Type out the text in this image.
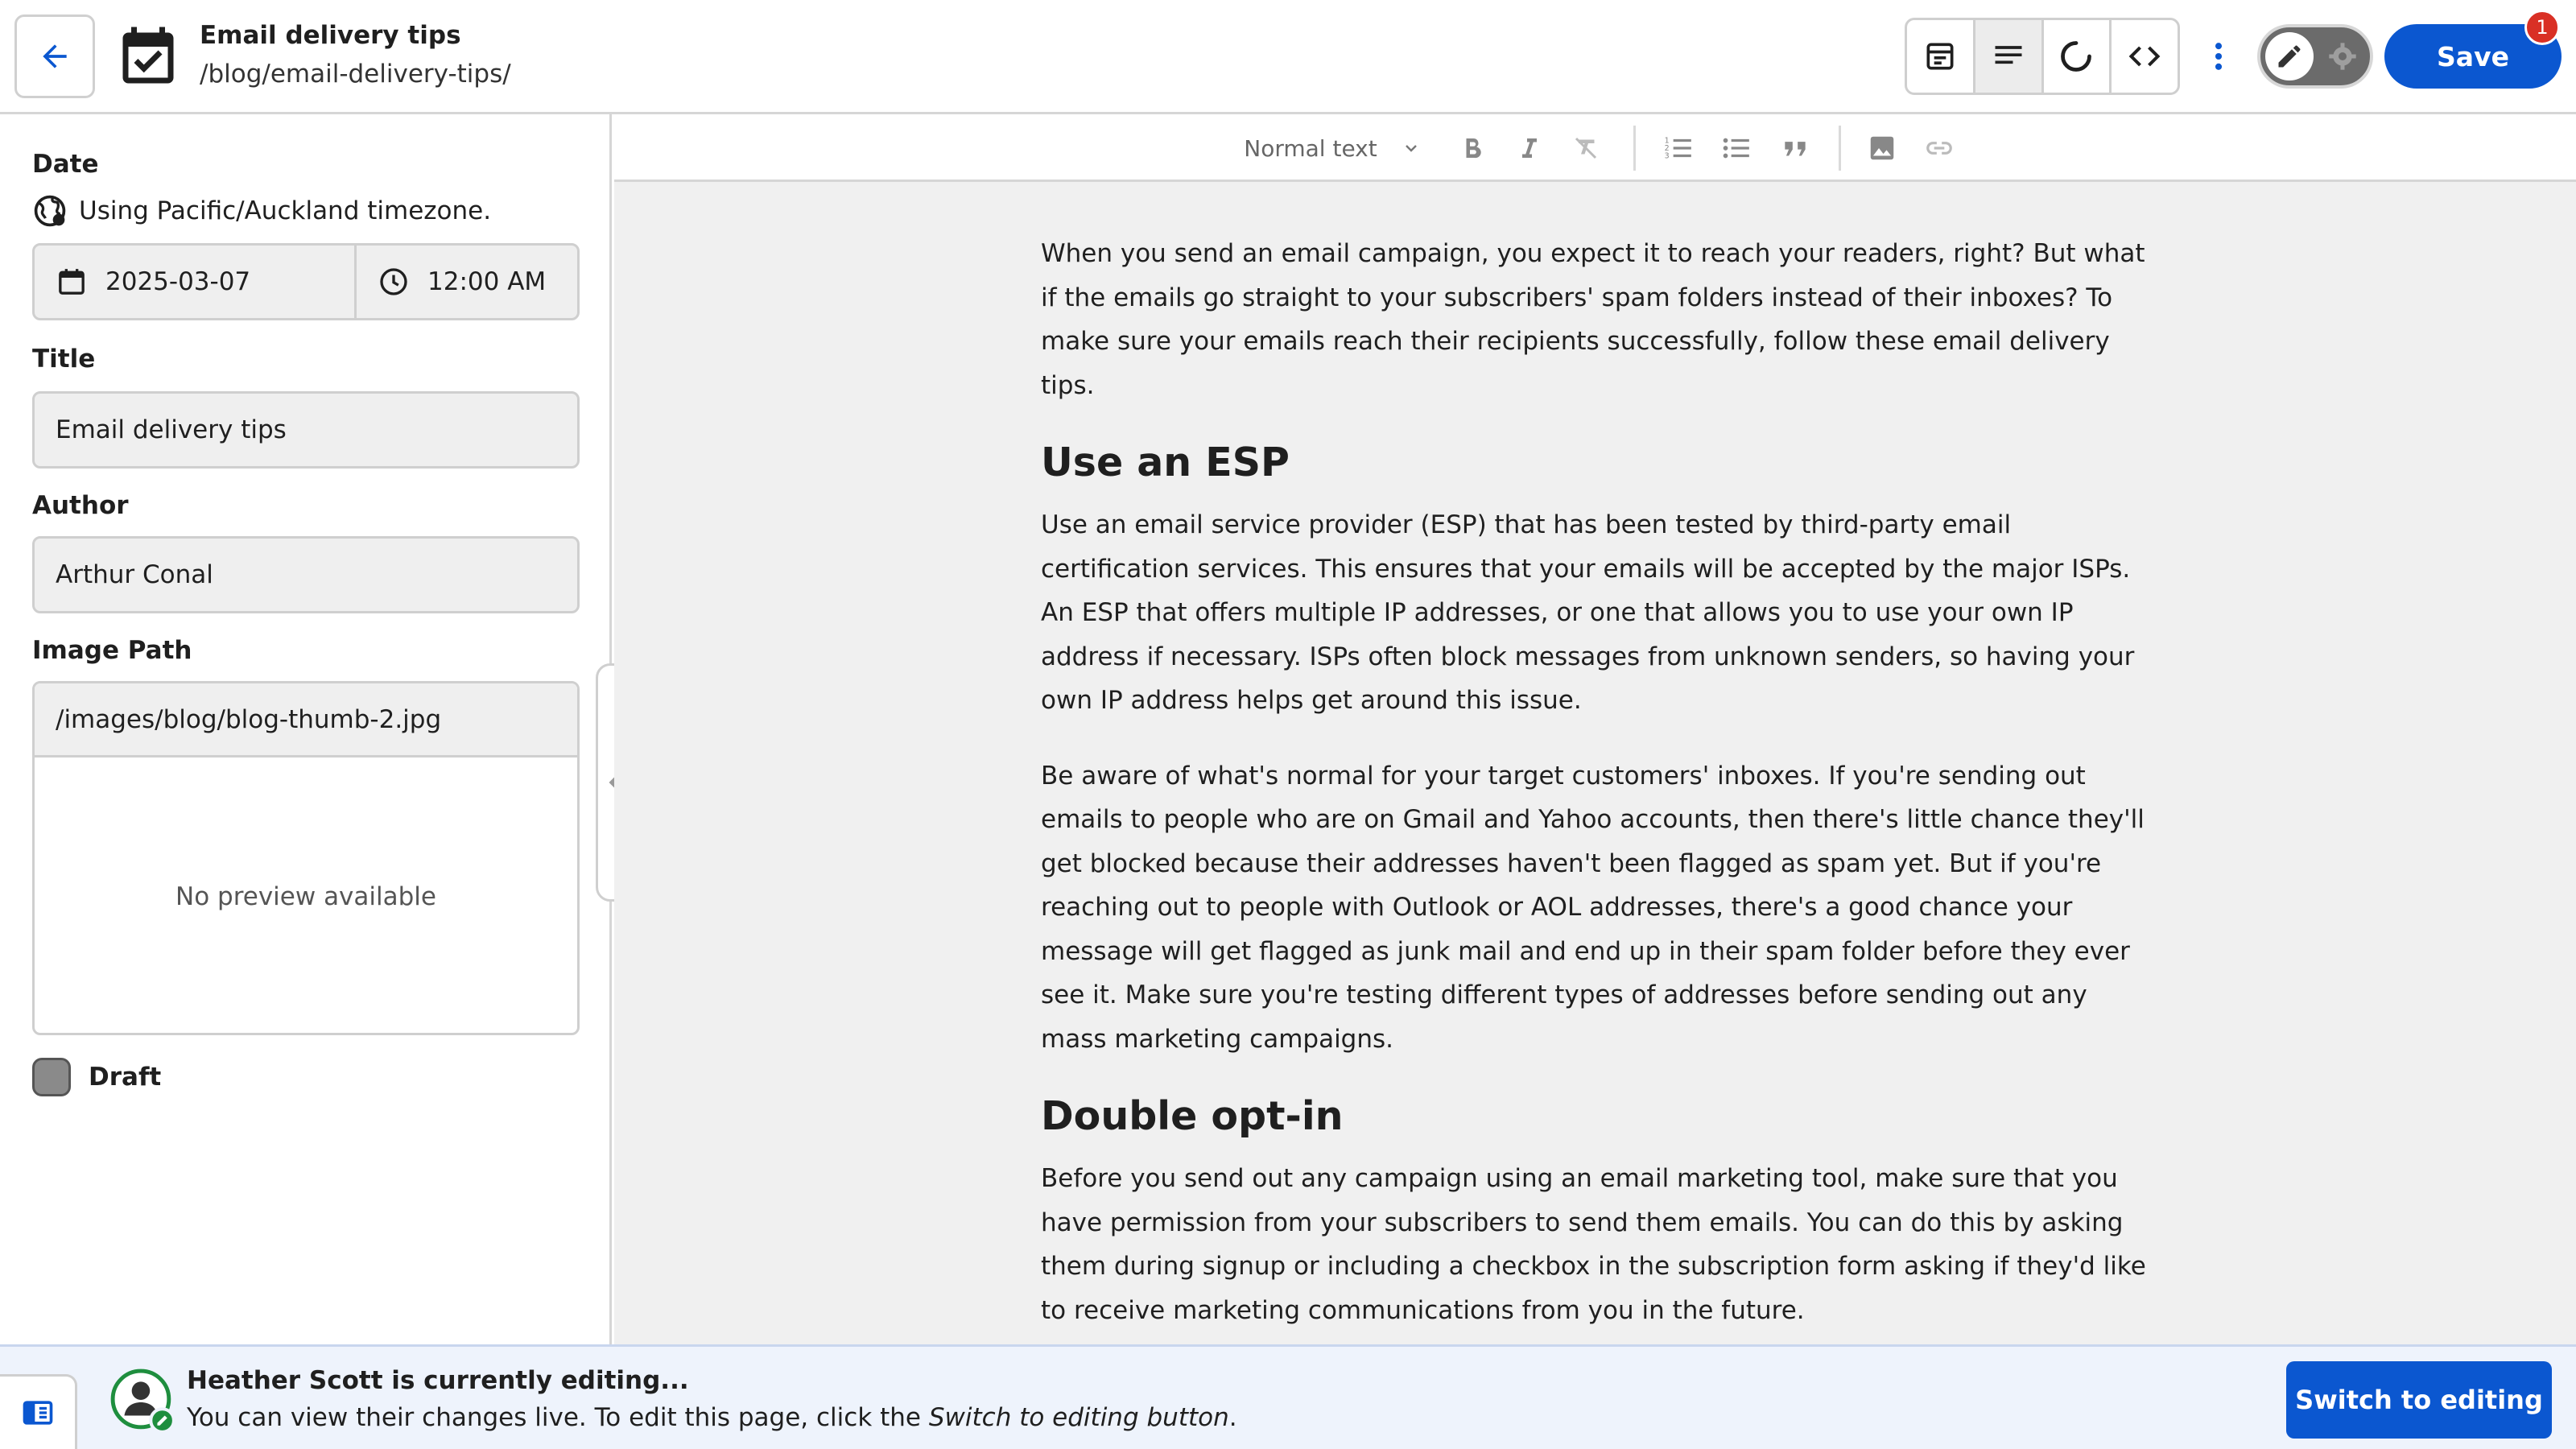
Email delivery tips
/blog/email-delivery-tips/
Save
1
Date
Using Pacific/Auckland timezone.
2025-03-07	12:00 AM
Title
Email delivery tips
Author
Arthur Conal
Image Path
/images/blog/blog-thumb-2.jpg
No preview available
Draft
Normal text	1
2
3

When you send an email campaign, you expect it to reach your readers, right? But what if the emails go straight to your subscribers' spam folders instead of their inboxes? To make sure your emails reach their recipients successfully, follow these email delivery tips.

Use an ESP

Use an email service provider (ESP) that has been tested by third-party email certification services. This ensures that your emails will be accepted by the major ISPs. An ESP that offers multiple IP addresses, or one that allows you to use your own IP address if necessary. ISPs often block messages from unknown senders, so having your own IP address helps get around this issue.

Be aware of what's normal for your target customers' inboxes. If you're sending out emails to people who are on Gmail and Yahoo accounts, then there's little chance they'll get blocked because their addresses haven't been flagged as spam yet. But if you're reaching out to people with Outlook or AOL addresses, there's a good chance your message will get flagged as junk mail and end up in their spam folder before they ever see it. Make sure you're testing different types of addresses before sending out any mass marketing campaigns.

Double opt-in

Before you send out any campaign using an email marketing tool, make sure that you have permission from your subscribers to send them emails. You can do this by asking them during signup or including a checkbox in the subscription form asking if they'd like to receive marketing communications from you in the future.

Heather Scott is currently editing...
You can view their changes live. To edit this page, click the Switch to editing button.
Switch to editing
